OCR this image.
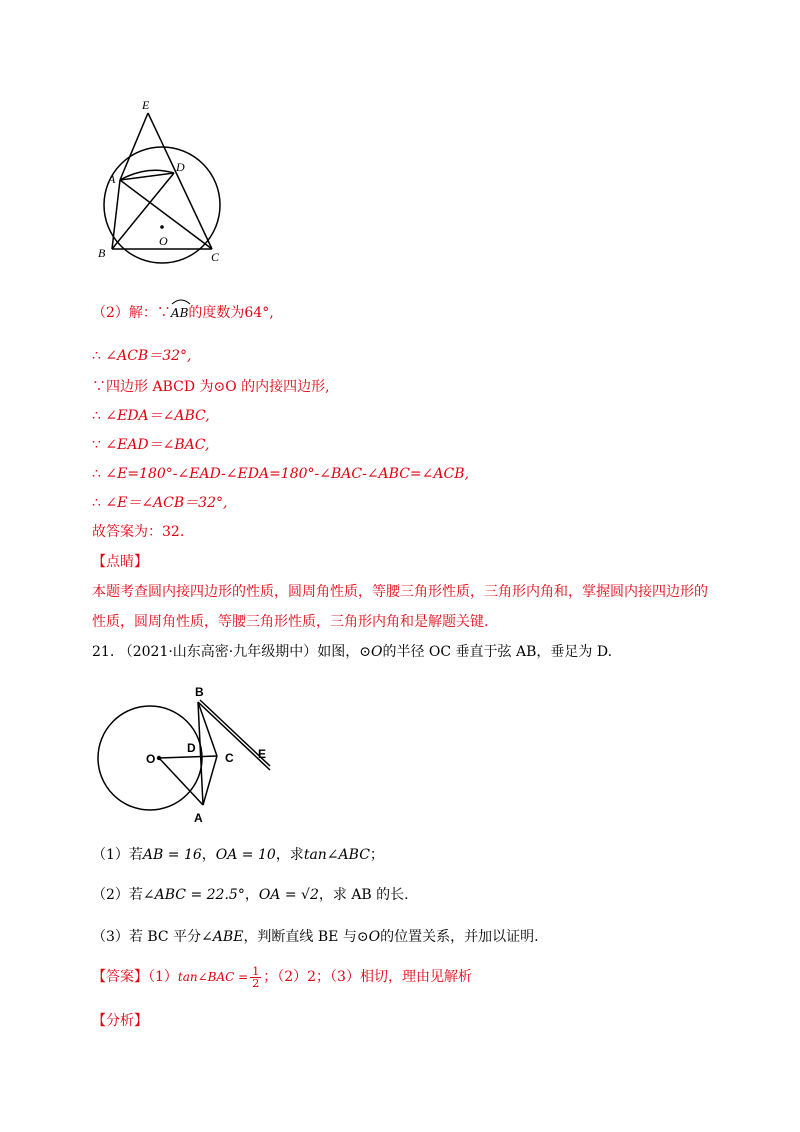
E
A
D
B
O
C
（2）解：∵AB
的度数为64°,
∴ ∠ACB＝32°,
∵四边形 ABCD 为⊙O 的内接四边形,
∴ ∠EDA＝∠ABC,
∵ ∠EAD＝∠BAC,
∴ ∠E=180°-∠EAD-∠EDA=180°-∠BAC-∠ABC=∠ACB,
∴ ∠E＝∠ACB＝32°,
故答案为：32.
【点睛】
本题考查圆内接四边形的性质，圆周角性质，等腰三角形性质，三角形内角和，掌握圆内接四边形的性质，圆周角性质，等腰三角形性质，三角形内角和是解题关键.
21. （2021·山东高密·九年级期中）如图，⊙O的半径 OC 垂直于弦 AB，垂足为 D.
B
O
D
C E
A
（1）若AB = 16，OA = 10，求tan∠ABC；
（2）若∠ABC = 22.5°，OA = √2，求 AB 的长.
（3）若 BC 平分∠ABE，判断直线 BE 与⊙O的位置关系，并加以证明.
【答案】（1）tan∠BAC = $\frac{1}{2}$ ；（2）2；（3）相切，理由见解析
【分析】
